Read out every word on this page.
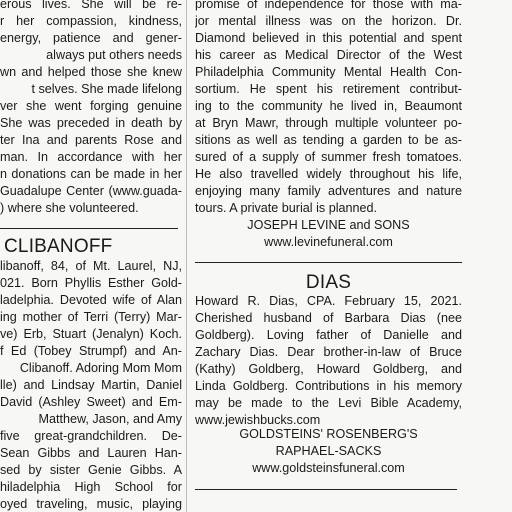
erous lives. She will be re-
r her compassion, kindness,
energy, patience and gener-
always put others needs
wn and helped those she knew
t selves. She made lifelong
ver she went forging genuine
She was preceded in death by
ter Ina and parents Rose and
man. In accordance with her
n donations can be made in her
Guadalupe Center (www.guada-
) where she volunteered.
CLIBANOFF
libanoff, 84, of Mt. Laurel, NJ,
021. Born Phyllis Esther Gold-
ladelphia. Devoted wife of Alan
ing mother of Terri (Terry) Mar-
ve) Erb, Stuart (Jenalyn) Koch.
f Ed (Tobey Strumpf) and An-
Clibanoff. Adoring Mom Mom
lle) and Lindsay Martin, Daniel
David (Ashley Sweet) and Em-
Matthew, Jason, and Amy
five great-grandchildren. De-
Sean Gibbs and Lauren Han-
sed by sister Genie Gibbs. A
hiladelphia High School for
oyed traveling, music, playing
promise of independence for those with ma-
jor mental illness was on the horizon. Dr.
Diamond believed in this potential and spent
his career as Medical Director of the West
Philadelphia Community Mental Health Con-
sortium. He spent his retirement contribut-
ing to the community he lived in, Beaumont
at Bryn Mawr, through multiple volunteer po-
sitions as well as tending a garden to be as-
sured of a supply of summer fresh tomatoes.
He also travelled widely throughout his life,
enjoying many family adventures and nature
tours. A private burial is planned.
JOSEPH LEVINE and SONS
www.levinefuneral.com
DIAS
Howard R. Dias, CPA. February 15, 2021.
Cherished husband of Barbara Dias (nee
Goldberg). Loving father of Danielle and
Zachary Dias. Dear brother-in-law of Bruce
(Kathy) Goldberg, Howard Goldberg, and
Linda Goldberg. Contributions in his memory
may be made to the Levi Bible Academy,
www.jewishbucks.com
GOLDSTEINS' ROSENBERG'S
RAPHAEL-SACKS
www.goldsteinsfuneral.com
